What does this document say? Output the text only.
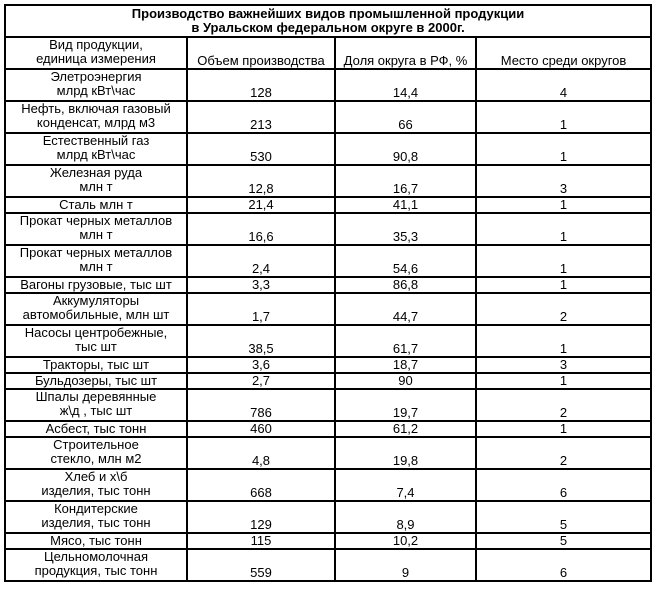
Производство важнейших видов промышленной продукции
в Уральском федеральном округе в 2000г.			

Вид продукции,
единица измерения	Объем производства	Доля округа в РФ, %	Место среди округов

Элетроэнергия
млрд кВт\час	128	14,4	4

Нефть, включая газовый
конденсат, млрд м3	213	66	1

Естественный газ
млрд кВт\час	530	90,8	1

Железная руда
млн т	12,8	16,7	3

Сталь млн т	21,4	41,1	1

Прокат черных металлов
млн т	16,6	35,3	1

Прокат черных металлов
млн т	2,4	54,6	1

Вагоны грузовые, тыс шт	3,3	86,8	1

Аккумуляторы
автомобильные, млн шт	1,7	44,7	2

Насосы центробежные,
тыс шт	38,5	61,7	1

Тракторы, тыс шт	3,6	18,7	3

Бульдозеры, тыс шт	2,7	90	1

Шпалы деревянные
ж\д , тыс шт	786	19,7	2

Асбест, тыс тонн	460	61,2	1

Строительное
стекло, млн м2	4,8	19,8	2

Хлеб и х\б
изделия, тыс тонн	668	7,4	6

Кондитерские
изделия, тыс тонн	129	8,9	5

Мясо, тыс тонн	115	10,2	5

Цельномолочная
продукция, тыс тонн	559	9	6
